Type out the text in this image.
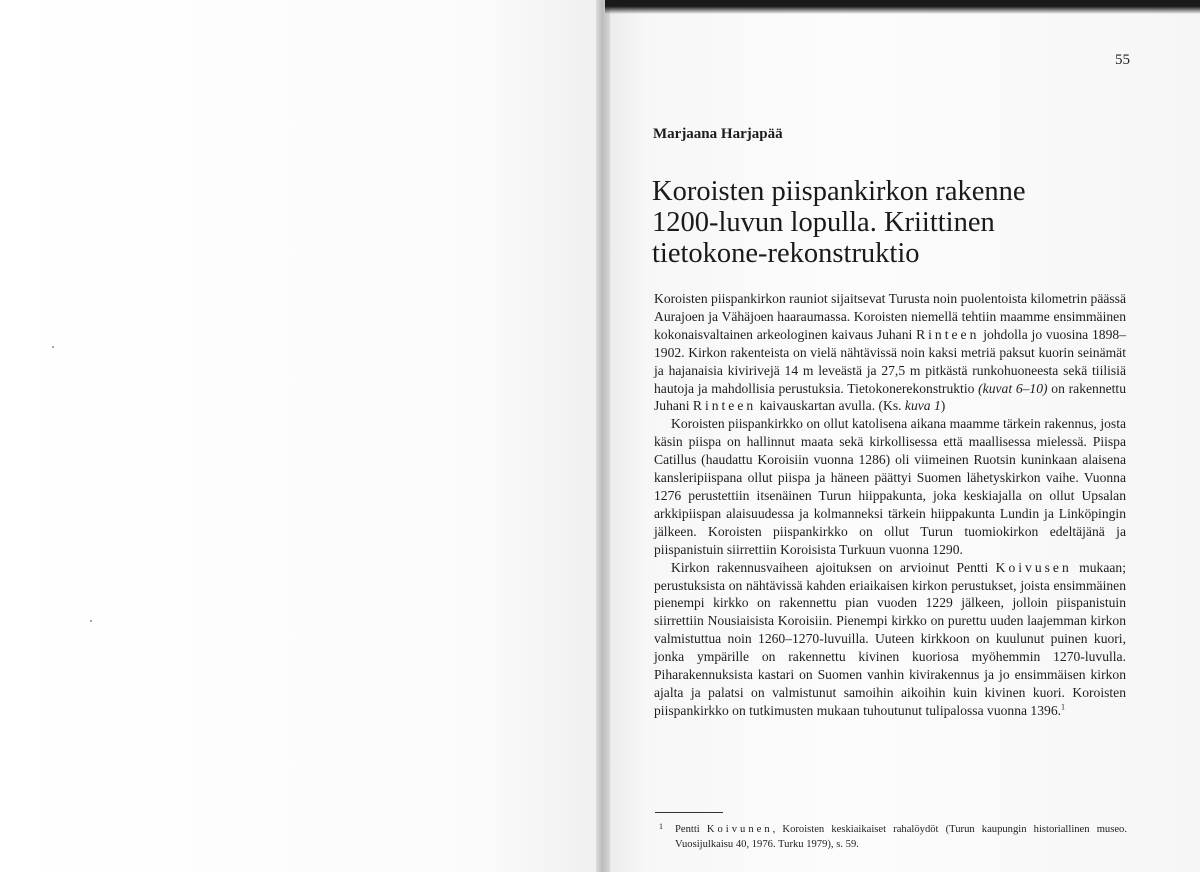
55
Marjaana Harjapää
Koroisten piispankirkon rakenne 1200-luvun lopulla. Kriittinen tietokone-rekonstruktio

Koroisten piispankirkon rauniot sijaitsevat Turusta noin puolentoista kilometrin päässä Aurajoen ja Vähäjoen haaraumassa. Koroisten niemellä tehtiin maamme ensimmäinen kokonaisvaltainen arkeologinen kaivaus Juhani Rinteen johdolla jo vuosina 1898–1902. Kirkon rakenteista on vielä nähtävissä noin kaksi metriä paksut kuorin seinämät ja hajanaisia kivirivejä 14 m leveästä ja 27,5 m pitkästä runkohuoneesta sekä tiilisiä hautoja ja mahdollisia perustuksia. Tietokonerekonstruktio (kuvat 6–10) on rakennettu Juhani Rinteen kaivauskartan avulla. (Ks. kuva 1)

Koroisten piispankirkko on ollut katolisena aikana maamme tärkein rakennus, josta käsin piispa on hallinnut maata sekä kirkollisessa että maallisessa mielessä. Piispa Catillus (haudattu Koroisiin vuonna 1286) oli viimeinen Ruotsin kuninkaan alaisena kansleripiispana ollut piispa ja häneen päättyi Suomen lähetyskirkon vaihe. Vuonna 1276 perustettiin itsenäinen Turun hiippakunta, joka keskiajalla on ollut Upsalan arkkipiispan alaisuudessa ja kolmanneksi tärkein hiippakunta Lundin ja Linköpingin jälkeen. Koroisten piispankirkko on ollut Turun tuomiokirkon edeltäjänä ja piispanistuin siirrettiin Koroisista Turkuun vuonna 1290.

Kirkon rakennusvaiheen ajoituksen on arvioinut Pentti Koivusen mukaan; perustuksista on nähtävissä kahden eriaikaisen kirkon perustukset, joista ensimmäinen pienempi kirkko on rakennettu pian vuoden 1229 jälkeen, jolloin piispanistuin siirrettiin Nousiaisista Koroisiin. Pienempi kirkko on purettu uuden laajemman kirkon valmistuttua noin 1260–1270-luvuilla. Uuteen kirkkoon on kuulunut puinen kuori, jonka ympärille on rakennettu kivinen kuoriosa myöhemmin 1270-luvulla. Piharakennuksista kastari on Suomen vanhin kivirakennus ja jo ensimmäisen kirkon ajalta ja palatsi on valmistunut samoihin aikoihin kuin kivinen kuori. Koroisten piispankirkko on tutkimusten mukaan tuhoutunut tulipalossa vuonna 1396.$^1$

1	Pentti Koivunen, Koroisten keskiaikaiset rahalöydöt (Turun kaupungin historiallinen museo. Vuosijulkaisu 40, 1976. Turku 1979), s. 59.
